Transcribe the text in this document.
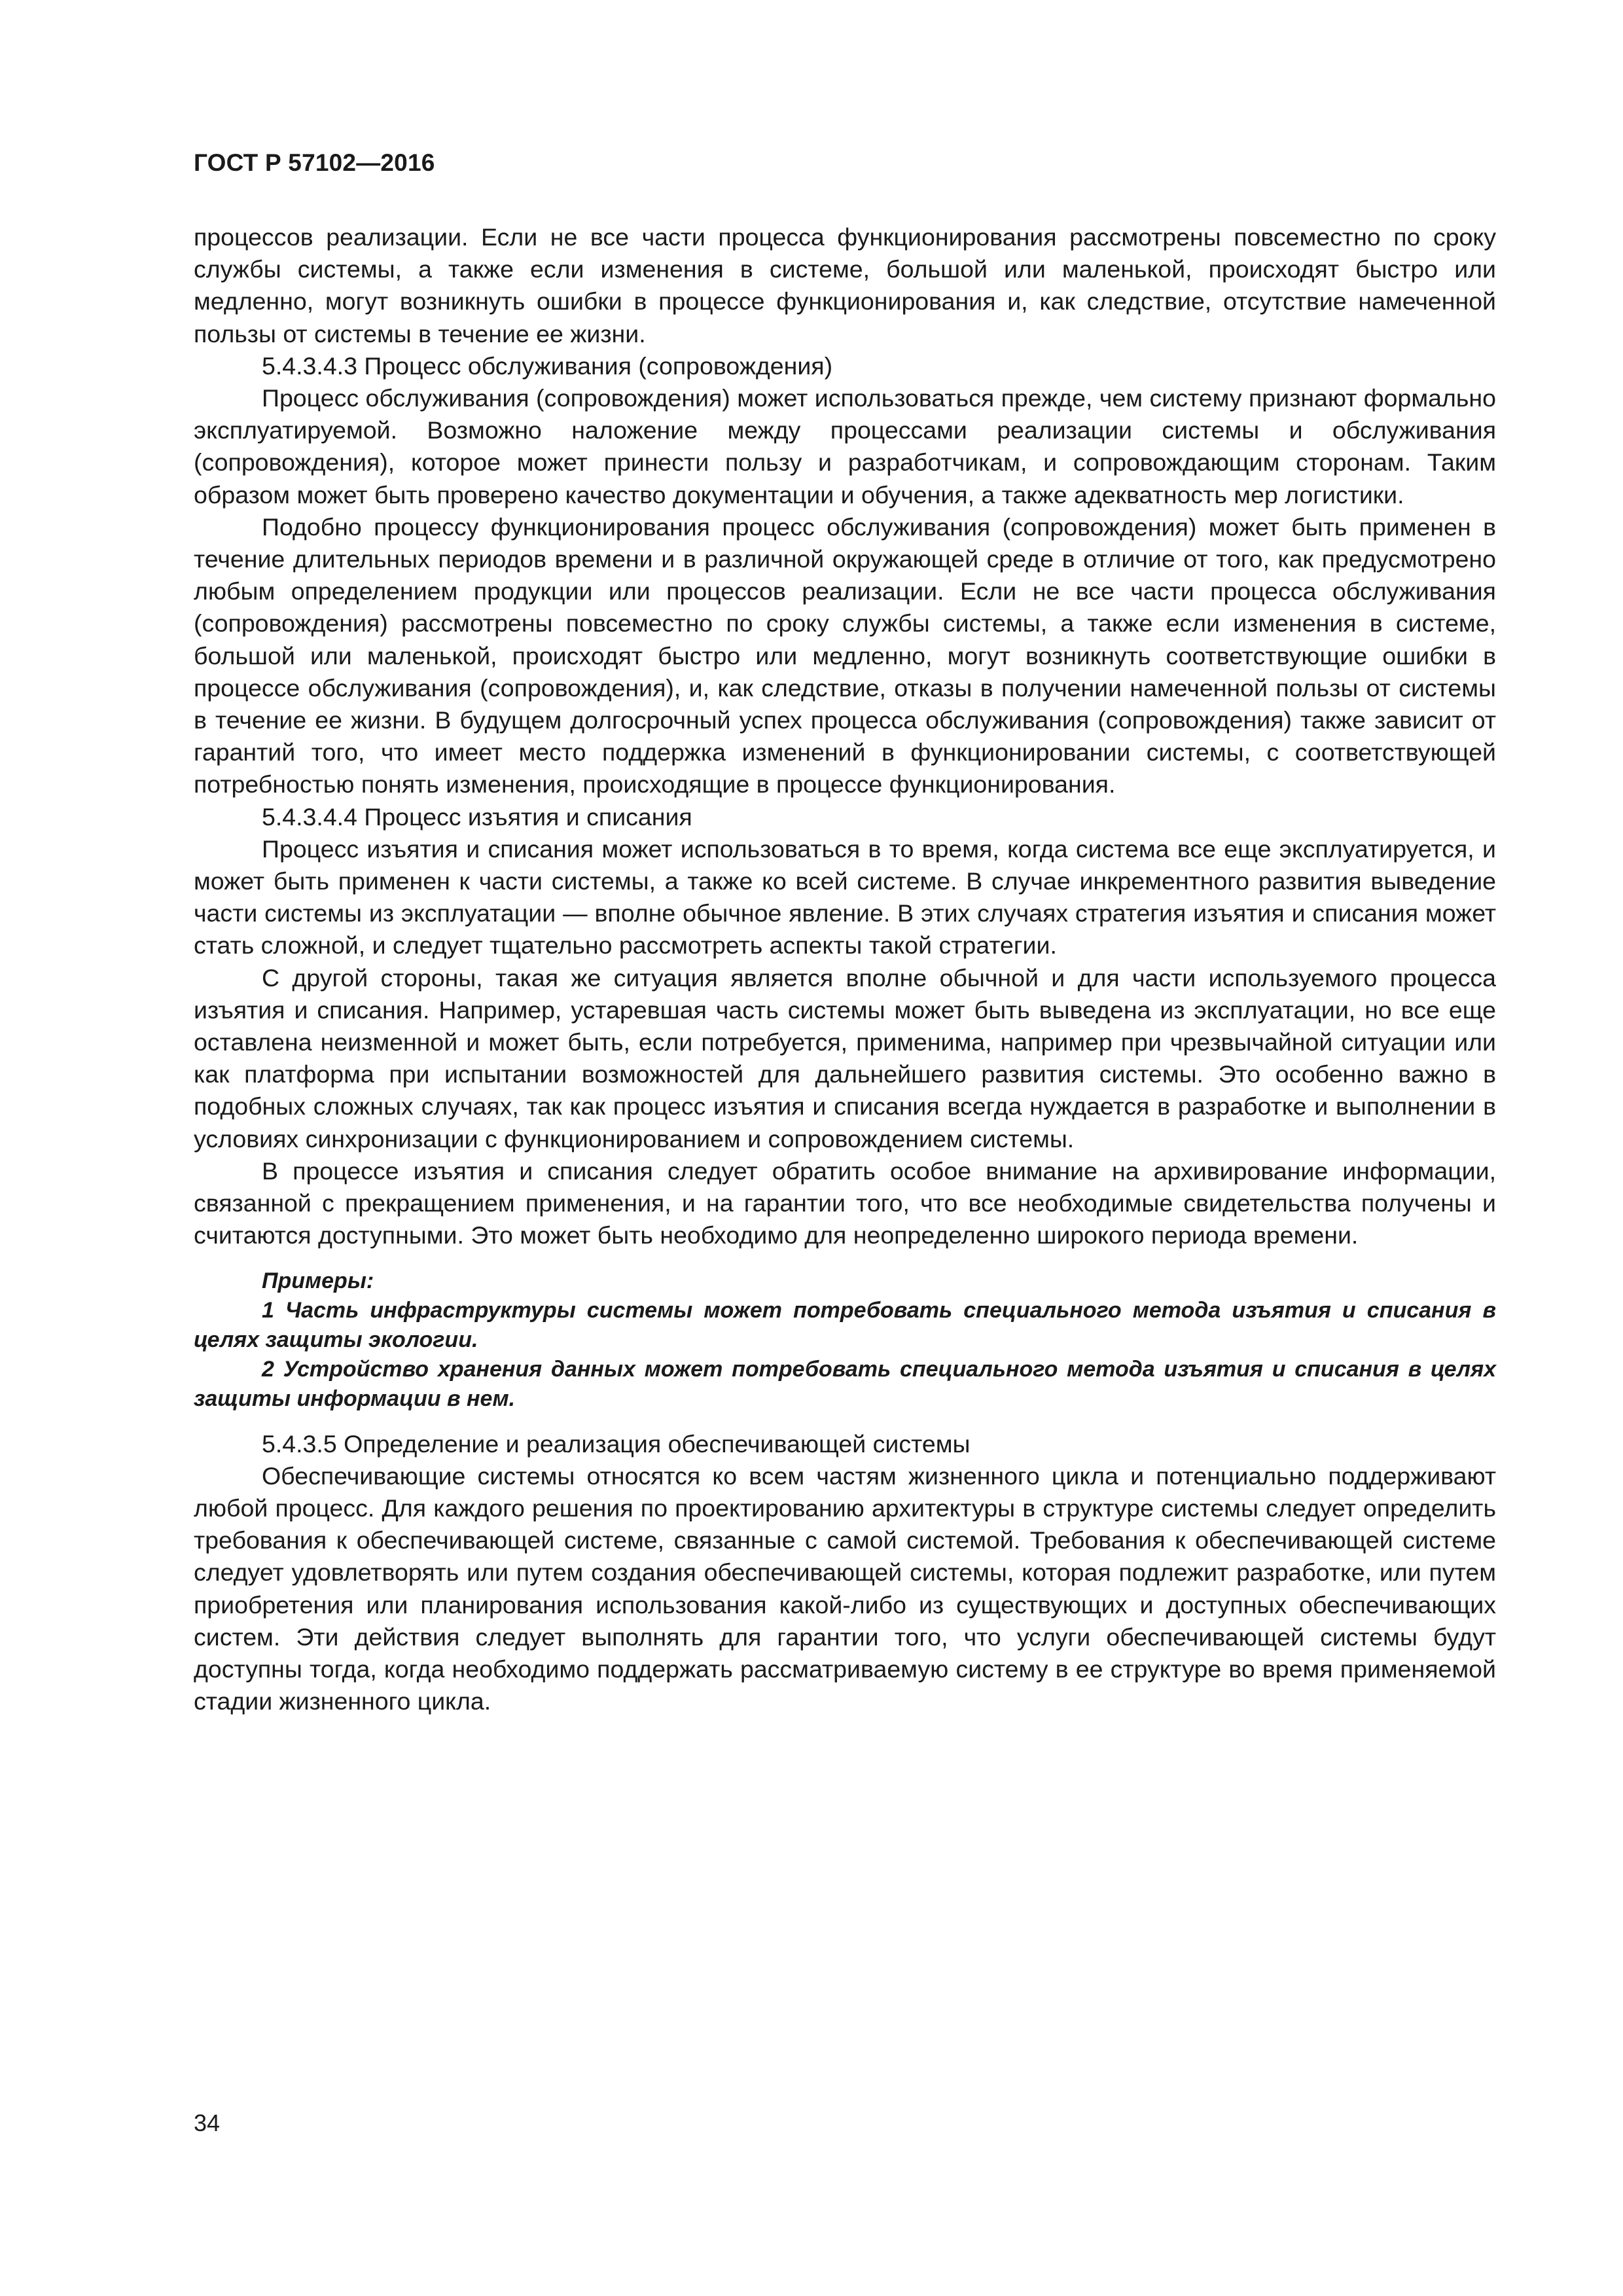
ГОСТ Р 57102—2016

процессов реализации. Если не все части процесса функционирования рассмотрены повсеместно по сроку службы системы, а также если изменения в системе, большой или маленькой, происходят быстро или медленно, могут возникнуть ошибки в процессе функционирования и, как следствие, отсутствие намеченной пользы от системы в течение ее жизни.

5.4.3.4.3 Процесс обслуживания (сопровождения)

Процесс обслуживания (сопровождения) может использоваться прежде, чем систему признают формально эксплуатируемой. Возможно наложение между процессами реализации системы и обслуживания (сопровождения), которое может принести пользу и разработчикам, и сопровождающим сторонам. Таким образом может быть проверено качество документации и обучения, а также адекватность мер логистики.

Подобно процессу функционирования процесс обслуживания (сопровождения) может быть применен в течение длительных периодов времени и в различной окружающей среде в отличие от того, как предусмотрено любым определением продукции или процессов реализации. Если не все части процесса обслуживания (сопровождения) рассмотрены повсеместно по сроку службы системы, а также если изменения в системе, большой или маленькой, происходят быстро или медленно, могут возникнуть соответствующие ошибки в процессе обслуживания (сопровождения), и, как следствие, отказы в получении намеченной пользы от системы в течение ее жизни. В будущем долгосрочный успех процесса обслуживания (сопровождения) также зависит от гарантий того, что имеет место поддержка изменений в функционировании системы, с соответствующей потребностью понять изменения, происходящие в процессе функционирования.

5.4.3.4.4 Процесс изъятия и списания

Процесс изъятия и списания может использоваться в то время, когда система все еще эксплуатируется, и может быть применен к части системы, а также ко всей системе. В случае инкрементного развития выведение части системы из эксплуатации — вполне обычное явление. В этих случаях стратегия изъятия и списания может стать сложной, и следует тщательно рассмотреть аспекты такой стратегии.

С другой стороны, такая же ситуация является вполне обычной и для части используемого процесса изъятия и списания. Например, устаревшая часть системы может быть выведена из эксплуатации, но все еще оставлена неизменной и может быть, если потребуется, применима, например при чрезвычайной ситуации или как платформа при испытании возможностей для дальнейшего развития системы. Это особенно важно в подобных сложных случаях, так как процесс изъятия и списания всегда нуждается в разработке и выполнении в условиях синхронизации с функционированием и сопровождением системы.

В процессе изъятия и списания следует обратить особое внимание на архивирование информации, связанной с прекращением применения, и на гарантии того, что все необходимые свидетельства получены и считаются доступными. Это может быть необходимо для неопределенно широкого периода времени.

Примеры:

1 Часть инфраструктуры системы может потребовать специального метода изъятия и списания в целях защиты экологии.

2 Устройство хранения данных может потребовать специального метода изъятия и списания в целях защиты информации в нем.

5.4.3.5 Определение и реализация обеспечивающей системы

Обеспечивающие системы относятся ко всем частям жизненного цикла и потенциально поддерживают любой процесс. Для каждого решения по проектированию архитектуры в структуре системы следует определить требования к обеспечивающей системе, связанные с самой системой. Требования к обеспечивающей системе следует удовлетворять или путем создания обеспечивающей системы, которая подлежит разработке, или путем приобретения или планирования использования какой-либо из существующих и доступных обеспечивающих систем. Эти действия следует выполнять для гарантии того, что услуги обеспечивающей системы будут доступны тогда, когда необходимо поддержать рассматриваемую систему в ее структуре во время применяемой стадии жизненного цикла.

34
